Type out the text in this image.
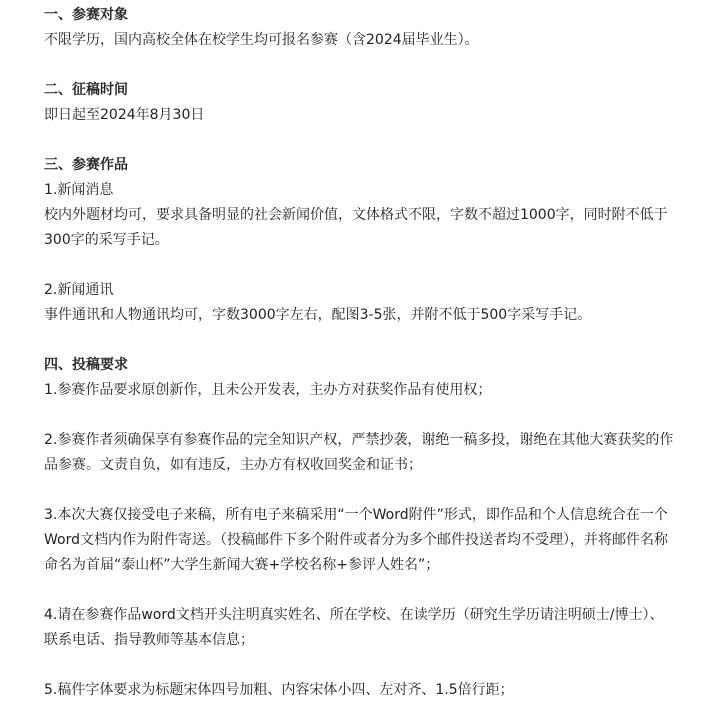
一、参赛对象

不限学历，国内高校全体在校学生均可报名参赛（含2024届毕业生）。

二、征稿时间

即日起至2024年8月30日

三、参赛作品

1.新闻消息

校内外题材均可，要求具备明显的社会新闻价值，文体格式不限，字数不超过1000字，同时附不低于300字的采写手记。

2.新闻通讯

事件通讯和人物通讯均可，字数3000字左右，配图3-5张，并附不低于500字采写手记。

四、投稿要求

1.参赛作品要求原创新作，且未公开发表，主办方对获奖作品有使用权；

2.参赛作者须确保享有参赛作品的完全知识产权，严禁抄袭，谢绝一稿多投，谢绝在其他大赛获奖的作品参赛。文责自负，如有违反，主办方有权收回奖金和证书；

3.本次大赛仅接受电子来稿，所有电子来稿采用“一个Word附件”形式，即作品和个人信息统合在一个Word文档内作为附件寄送。（投稿邮件下多个附件或者分为多个邮件投送者均不受理），并将邮件名称命名为首届“泰山杯”大学生新闻大赛+学校名称+参评人姓名”；

4.请在参赛作品word文档开头注明真实姓名、所在学校、在读学历（研究生学历请注明硕士/博士）、联系电话、指导教师等基本信息；

5.稿件字体要求为标题宋体四号加粗、内容宋体小四、左对齐、1.5倍行距；
